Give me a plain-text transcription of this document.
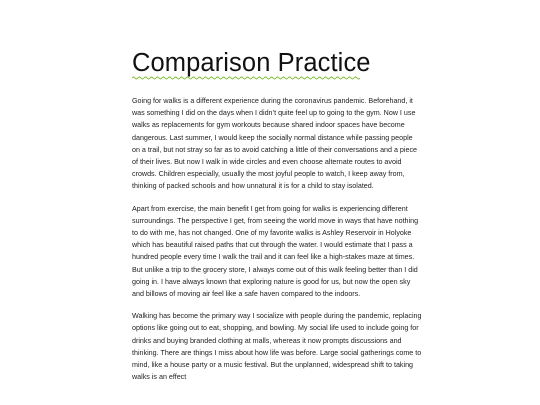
Comparison Practice

Going for walks is a different experience during the coronavirus pandemic. Beforehand, it was something I did on the days when I didn’t quite feel up to going to the gym. Now I use walks as replacements for gym workouts because shared indoor spaces have become dangerous. Last summer, I would keep the socially normal distance while passing people on a trail, but not stray so far as to avoid catching a little of their conversations and a piece of their lives. But now I walk in wide circles and even choose alternate routes to avoid crowds. Children especially, usually the most joyful people to watch, I keep away from, thinking of packed schools and how unnatural it is for a child to stay isolated.

Apart from exercise, the main benefit I get from going for walks is experiencing different surroundings. The perspective I get, from seeing the world move in ways that have nothing to do with me, has not changed. One of my favorite walks is Ashley Reservoir in Holyoke which has beautiful raised paths that cut through the water. I would estimate that I pass a hundred people every time I walk the trail and it can feel like a high-stakes maze at times. But unlike a trip to the grocery store, I always come out of this walk feeling better than I did going in. I have always known that exploring nature is good for us, but now the open sky and billows of moving air feel like a safe haven compared to the indoors.

Walking has become the primary way I socialize with people during the pandemic, replacing options like going out to eat, shopping, and bowling. My social life used to include going for drinks and buying branded clothing at malls, whereas it now prompts discussions and thinking. There are things I miss about how life was before. Large social gatherings come to mind, like a house party or a music festival. But the unplanned, widespread shift to taking walks is an effect
